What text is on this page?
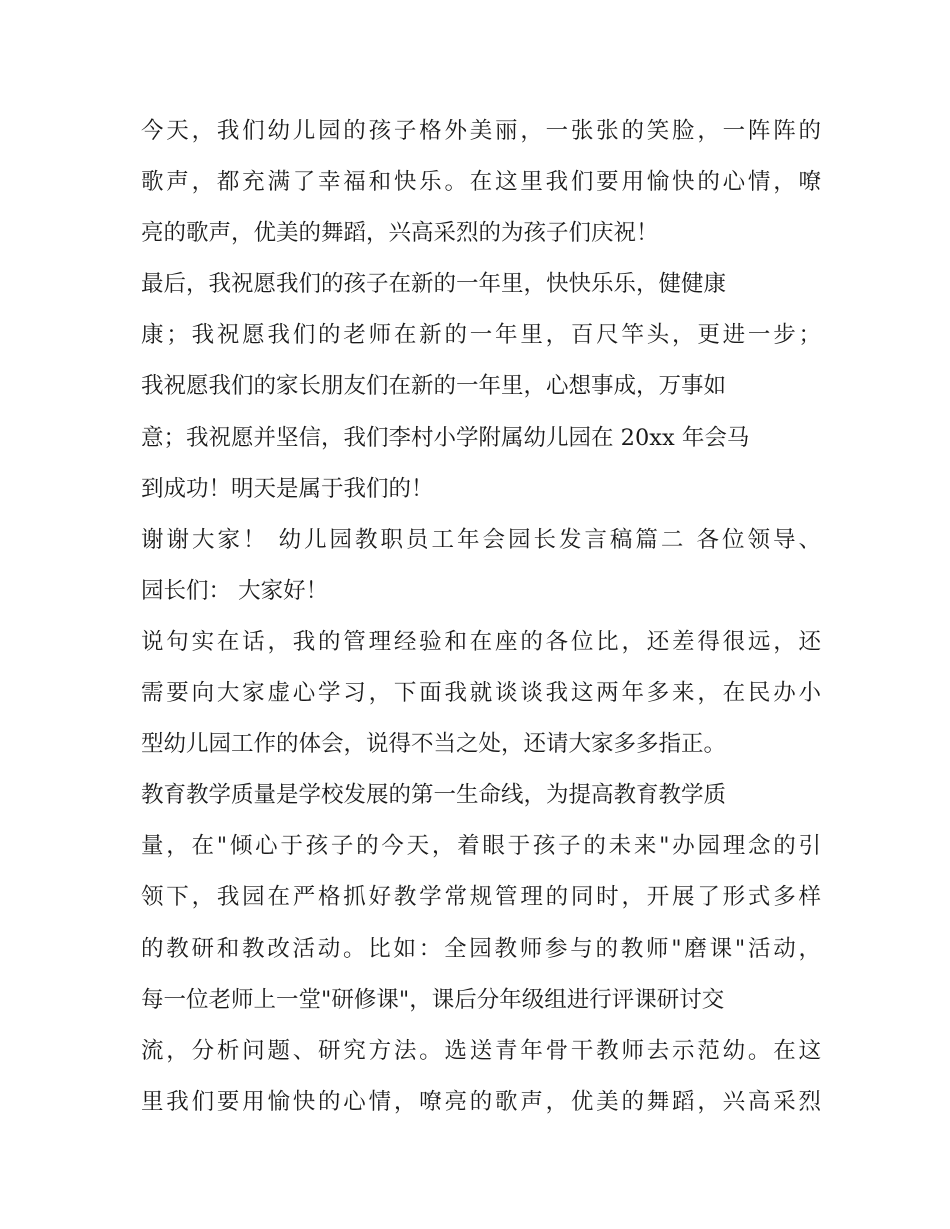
今天，我们幼儿园的孩子格外美丽，一张张的笑脸，一阵阵的
歌声，都充满了幸福和快乐。在这里我们要用愉快的心情，嘹
亮的歌声，优美的舞蹈，兴高采烈的为孩子们庆祝！
最后，我祝愿我们的孩子在新的一年里，快快乐乐，健健康
康；我祝愿我们的老师在新的一年里，百尺竿头，更进一步；
我祝愿我们的家长朋友们在新的一年里，心想事成，万事如
意；我祝愿并坚信，我们李村小学附属幼儿园在 20xx 年会马
到成功！明天是属于我们的！
谢谢大家！ 幼儿园教职员工年会园长发言稿篇二 各位领导、
园长们： 大家好！
说句实在话，我的管理经验和在座的各位比，还差得很远，还
需要向大家虚心学习，下面我就谈谈我这两年多来，在民办小
型幼儿园工作的体会，说得不当之处，还请大家多多指正。
教育教学质量是学校发展的第一生命线，为提高教育教学质
量，在"倾心于孩子的今天，着眼于孩子的未来"办园理念的引
领下，我园在严格抓好教学常规管理的同时，开展了形式多样
的教研和教改活动。比如：全园教师参与的教师"磨课"活动，
每一位老师上一堂"研修课"，课后分年级组进行评课研讨交
流，分析问题、研究方法。选送青年骨干教师去示范幼。在这
里我们要用愉快的心情，嘹亮的歌声，优美的舞蹈，兴高采烈
